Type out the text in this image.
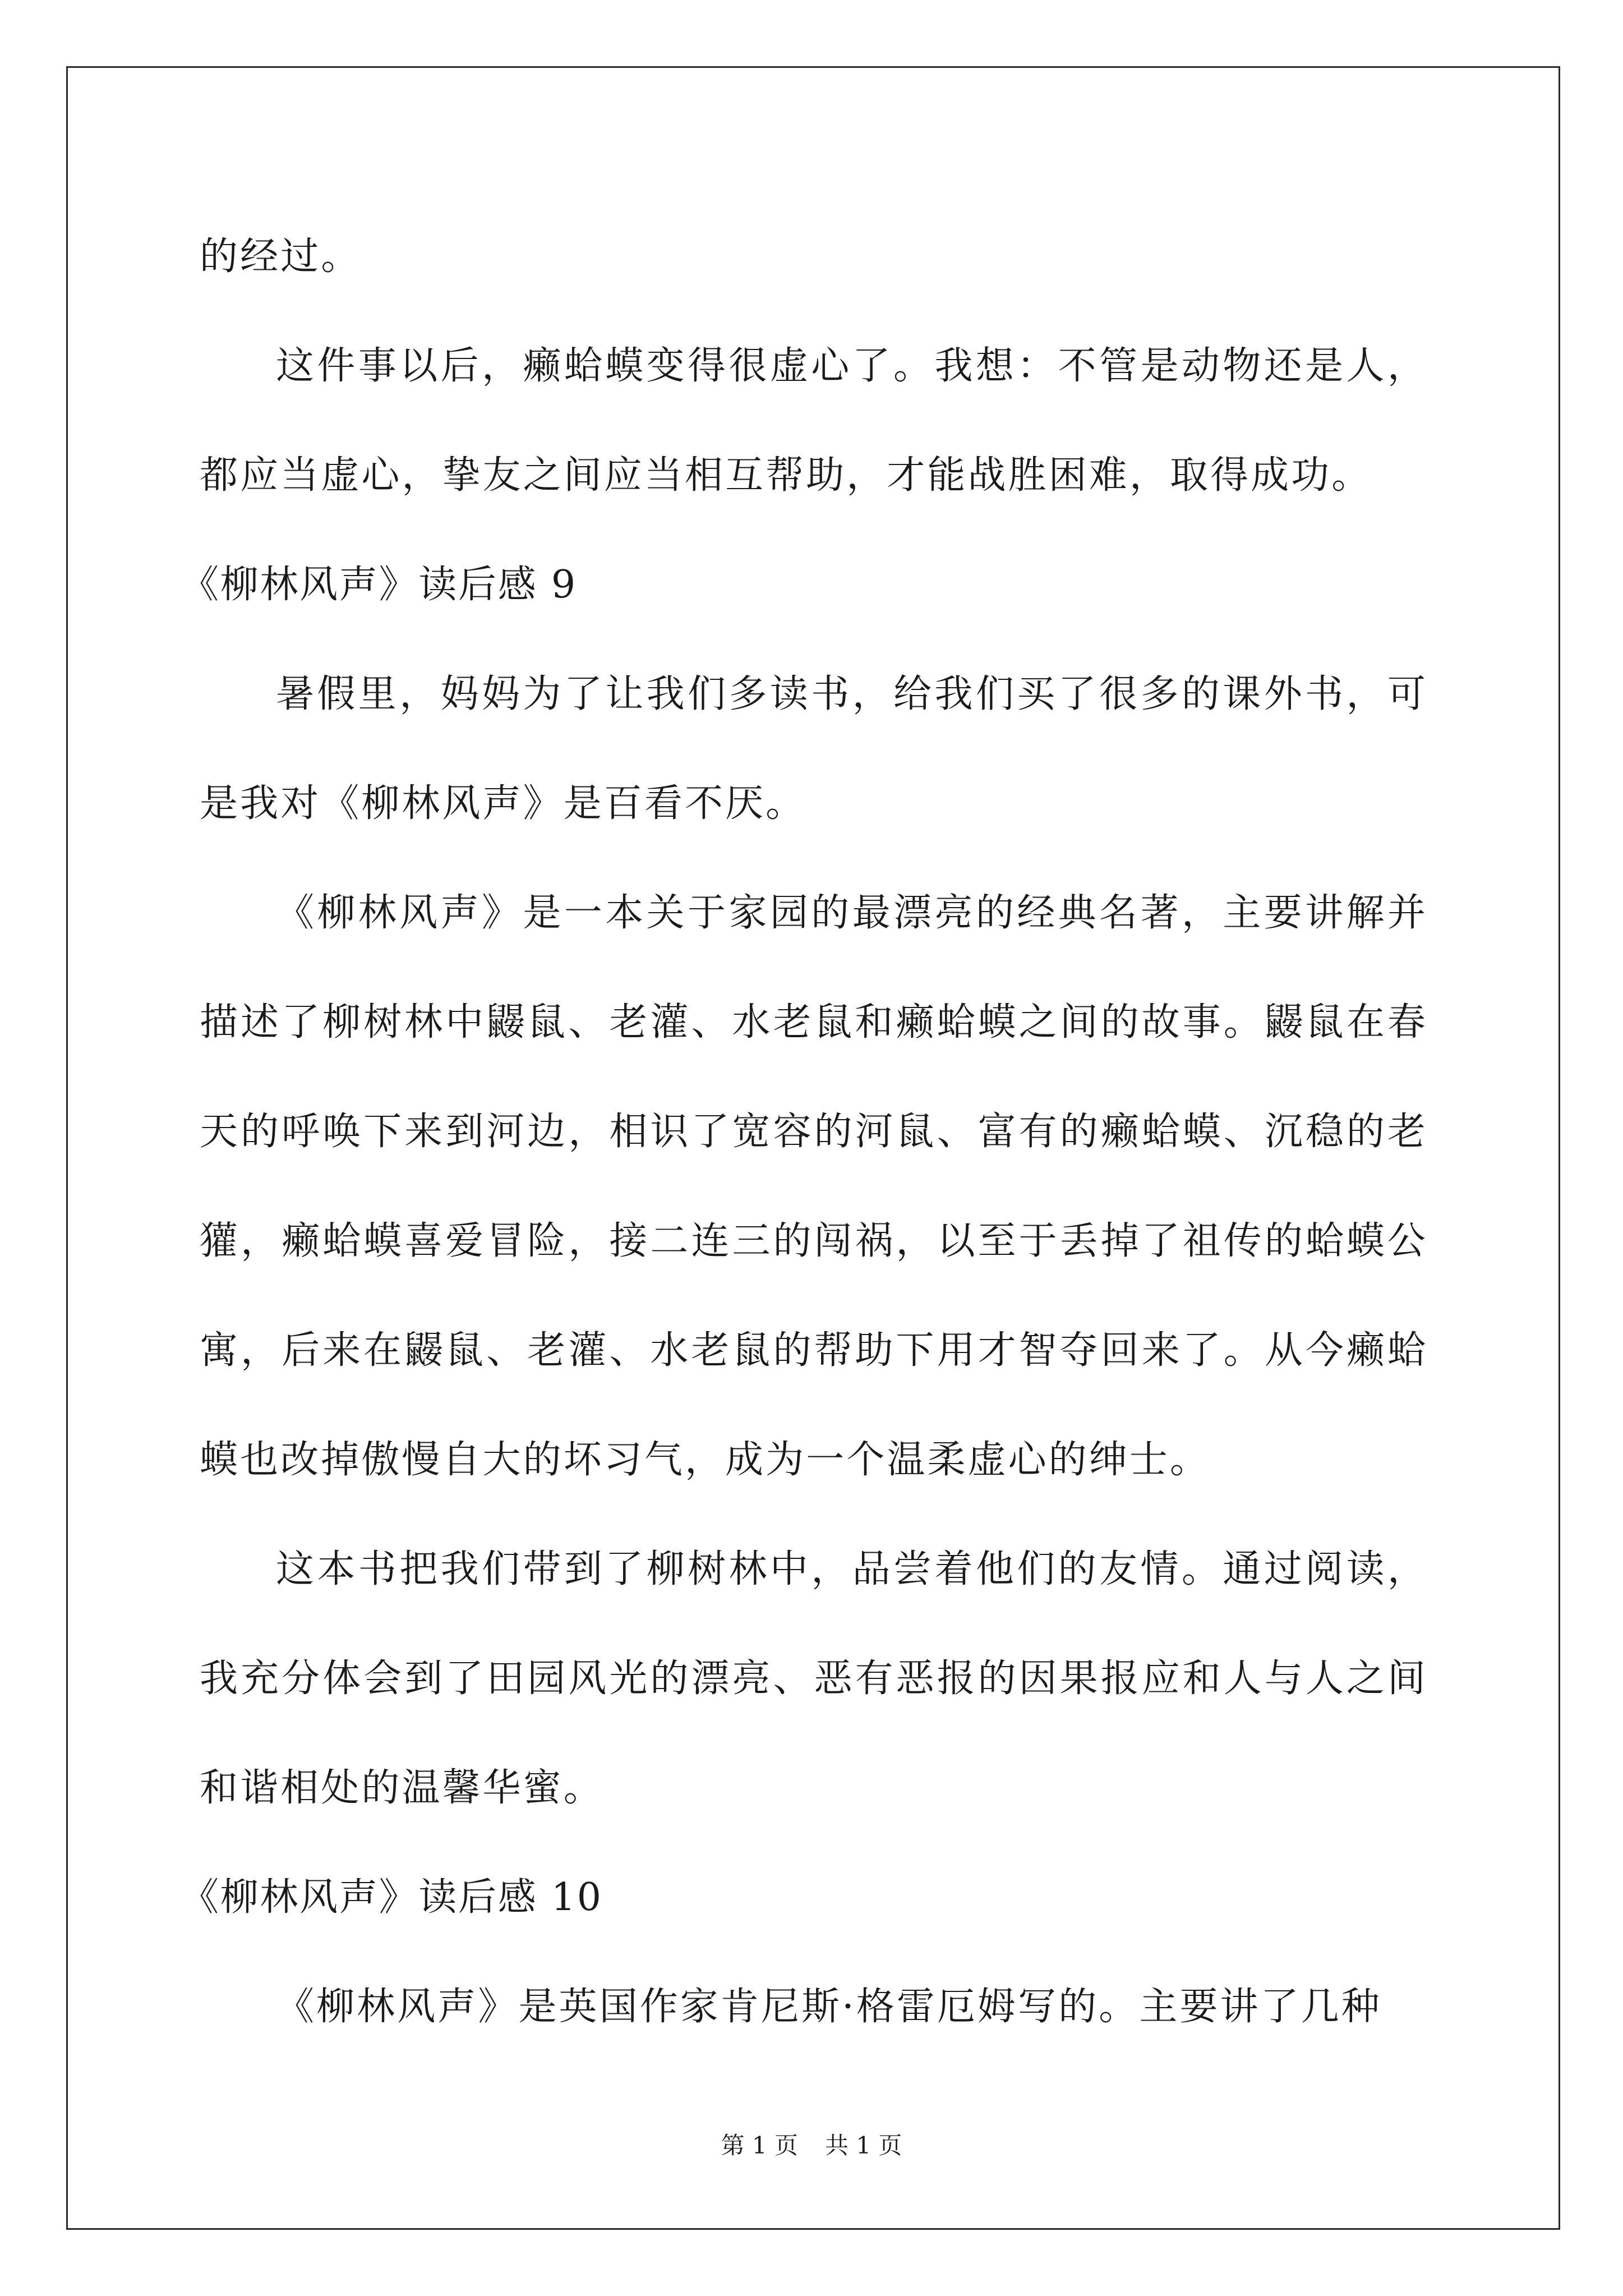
的经过。

这件事以后，癞蛤蟆变得很虚心了。我想：不管是动物还是人，都应当虚心，挚友之间应当相互帮助，才能战胜困难，取得成功。

《柳林风声》读后感 9

暑假里，妈妈为了让我们多读书，给我们买了很多的课外书，可是我对《柳林风声》是百看不厌。

《柳林风声》是一本关于家园的最漂亮的经典名著，主要讲解并描述了柳树林中鼹鼠、老灌、水老鼠和癞蛤蟆之间的故事。鼹鼠在春天的呼唤下来到河边，相识了宽容的河鼠、富有的癞蛤蟆、沉稳的老獾，癞蛤蟆喜爱冒险，接二连三的闯祸，以至于丢掉了祖传的蛤蟆公寓，后来在鼹鼠、老灌、水老鼠的帮助下用才智夺回来了。从今癞蛤蟆也改掉傲慢自大的坏习气，成为一个温柔虚心的绅士。

这本书把我们带到了柳树林中，品尝着他们的友情。通过阅读，我充分体会到了田园风光的漂亮、恶有恶报的因果报应和人与人之间和谐相处的温馨华蜜。

《柳林风声》读后感 10

《柳林风声》是英国作家肯尼斯·格雷厄姆写的。主要讲了几种

第 1 页 共 1 页
